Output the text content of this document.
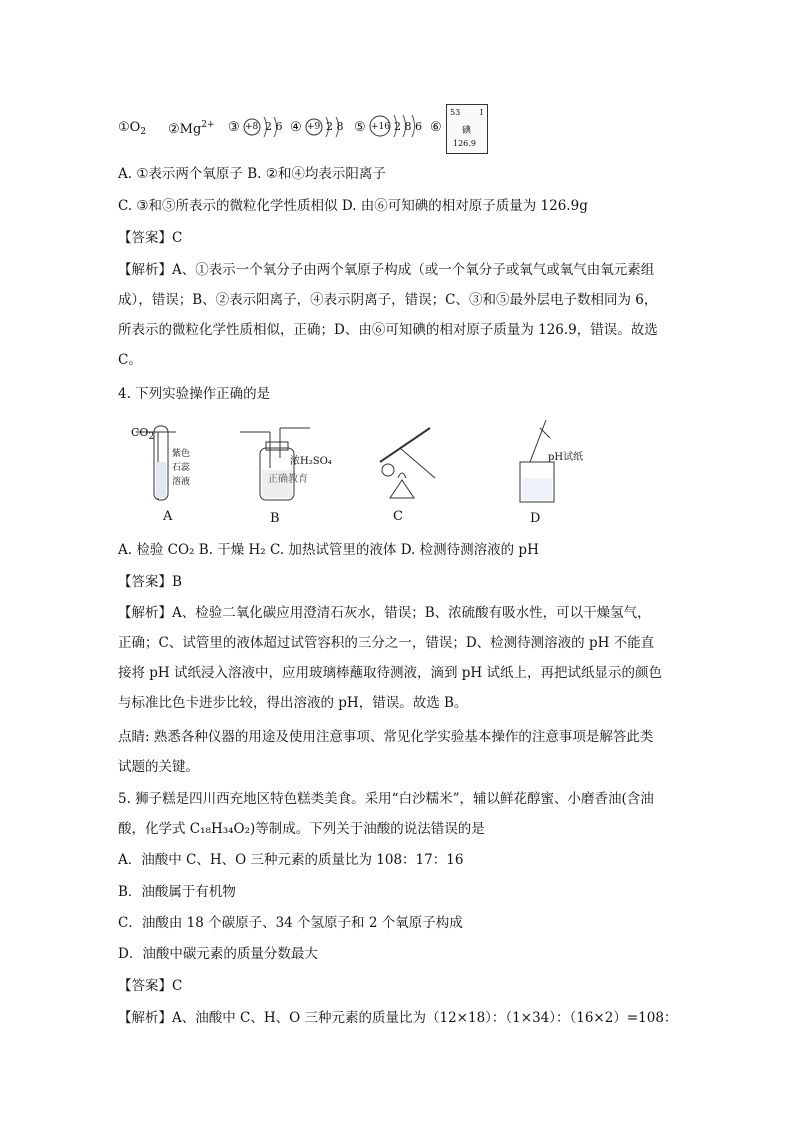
$①O_2$ $②Mg^{2+}$ ③ +8 2 6 ④ +9 2 8 ⑤ +16 2 8 6 ⑥
53 I
碘
126.9
A. ①表示两个氧原子 B. ②和④均表示阳离子
C. ③和⑤所表示的微粒化学性质相似 D. 由⑥可知碘的相对原子质量为 126.9g
【答案】C
【解析】A、①表示一个氧分子由两个氧原子构成（或一个氧分子或氧气或氧气由氧元素组
成），错误；B、②表示阳离子，④表示阴离子，错误；C、③和⑤最外层电子数相同为 6，
所表示的微粒化学性质相似，正确；D、由⑥可知碘的相对原子质量为 126.9，错误。故选
C。
4. 下列实验操作正确的是
$CO_2$
紫色
石蕊
溶液
浓H₂SO₄
正确教育
pH试纸
A	B	C	D
A. 检验 CO₂ B. 干燥 H₂ C. 加热试管里的液体 D. 检测待测溶液的 pH
【答案】B
【解析】A、检验二氧化碳应用澄清石灰水，错误；B、浓硫酸有吸水性，可以干燥氢气，
正确；C、试管里的液体超过试管容积的三分之一，错误；D、检测待测溶液的 pH 不能直
接将 pH 试纸浸入溶液中，应用玻璃棒蘸取待测液，滴到 pH 试纸上，再把试纸显示的颜色
与标准比色卡进步比较，得出溶液的 pH，错误。故选 B。
点睛: 熟悉各种仪器的用途及使用注意事项、常见化学实验基本操作的注意事项是解答此类
试题的关键。
5. 狮子糕是四川西充地区特色糕类美食。采用“白沙糯米”，辅以鲜花醇蜜、小磨香油(含油
酸，化学式 C₁₈H₃₄O₂)等制成。下列关于油酸的说法错误的是
A．油酸中 C、H、O 三种元素的质量比为 108：17：16
B．油酸属于有机物
C．油酸由 18 个碳原子、34 个氢原子和 2 个氧原子构成
D．油酸中碳元素的质量分数最大
【答案】C
【解析】A、油酸中 C、H、O 三种元素的质量比为（12×18）：（1×34）：（16×2）=108：
